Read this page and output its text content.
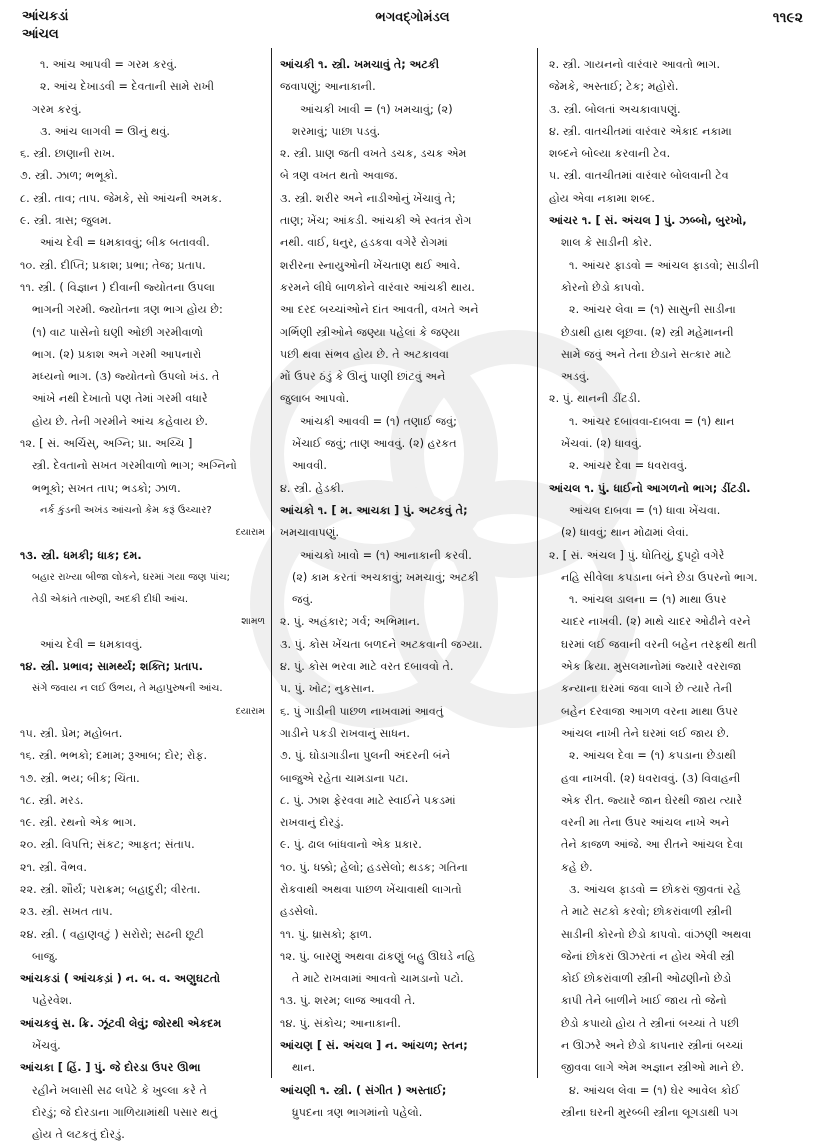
આંચકડાં
આંચલ
ભગવદ્ગોમંડલ	૧૧૯૨
૧. આંચ આપવી = ગરમ કરવું.
૨. આંચ દેખાડવી = દેવતાની સામે રાખી
ગરમ કરવું.
૩. આંચ લાગવી = ઊનું થવું.
૬. સ્ત્રી. છાણાની રાખ.
૭. સ્ત્રી. ઝાળ; ભભૂકો.
૮. સ્ત્રી. તાવ; તાપ. જેમકે, સો આંચની અમક.
૯. સ્ત્રી. ત્રાસ; જુલમ.
આંચ દેવી = ધમકાવવું; બીક બતાવવી.
૧૦. સ્ત્રી. દીપ્તિ; પ્રકાશ; પ્રભા; તેજ; પ્રતાપ.
૧૧. સ્ત્રી. ( વિજ્ઞાન ) દીવાની જ્યોતના ઉપલા
ભાગની ગરમી. જ્યોતના ત્રણ ભાગ હોય છે:
(૧) વાટ પાસેનો ઘણી ઓછી ગરમીવાળો
ભાગ. (૨) પ્રકાશ અને ગરમી આપનારો
મધ્યનો ભાગ. (૩) જ્યોતનો ઉપલો ખંડ. તે
આંખે નથી દેખાતો પણ તેમાં ગરમી વધારે
હોય છે. તેની ગરમીને આંચ કહેવાય છે.
૧૨. [ સં. અર્ચિસ્, અગ્નિ; પ્રા. અચ્ચિ ]
સ્ત્રી. દેવતાનો સખત ગરમીવાળો ભાગ; અગ્નિનો
ભભૂકો; સખત તાપ; ભડકો; ઝાળ.
નર્ક કુંડની અખંડ આંચનો કેમ કરૂં ઉચ્ચાર?
દયારામ
૧૩. સ્ત્રી. ધમકી; ધાક; દમ.
બહાર રાખ્યા બીજા લોકને, ઘરમાં ગયા જણ પાંચ;
તેડી એકાંતે તારુણી, અદકી દીધી આંચ.
શામળ
આંચ દેવી = ધમકાવવું.
૧૪. સ્ત્રી. પ્રભાવ; સામર્થ્ય; શક્તિ; પ્રતાપ.
સંગે જવાય ન લઈ ઉભય, તે મહાપુરુષની આંચ.
દયારામ
૧૫. સ્ત્રી. પ્રેમ; મહોબત.
૧૬. સ્ત્રી. ભભકો; દમામ; રૂઆબ; દોર; રોફ.
૧૭. સ્ત્રી. ભય; બીક; ચિંતા.
૧૮. સ્ત્રી. મરડ.
૧૯. સ્ત્રી. રથનો એક ભાગ.
૨૦. સ્ત્રી. વિપત્તિ; સંકટ; આફત; સંતાપ.
૨૧. સ્ત્રી. વૈભવ.
૨૨. સ્ત્રી. શૌર્ય; પરાક્રમ; બહાદુરી; વીરતા.
૨૩. સ્ત્રી. સખત તાપ.
૨૪. સ્ત્રી. ( વહાણવટું ) સરોરો; સઢની છૂટી
બાજુ.
આંચકડાં ( આંચકડ઼ાં ) ન. બ. વ. અણુઘટતો
પહેરવેશ.
આંચકવું સ. ક્રિ. ઝૂંટવી લેવું; જોરથી એકદમ
ખેંચવું.
આંચકા [ હિં. ] પું. જે દોરડા ઉપર ઊભા
રહીને ખલાસી સઢ લપેટે કે ખુલ્લા કરે તે
દોરડું; જે દોરડાના ગાળિયામાંથી પસાર થતું
હોય તે લટકતું દોરડું.
આંચકી ૧. સ્ત્રી. ખમચાવું તે; અટકી
જવાપણું; આનાકાની.
આંચકી ખાવી = (૧) ખમચાવું; (૨)
શરમાવું; પાછા પડવું.
૨. સ્ત્રી. પ્રાણ જતી વખતે ડચક, ડચક એમ
બે ત્રણ વખત થતો અવાજ.
૩. સ્ત્રી. શરીર અને નાડીઓનું ખેંચાવું તે;
તાણ; ખેંચ; આંકડી. આંચકી એ સ્વતંત્ર રોગ
નથી. વાઈ, ધનુર, હડકવા વગેરે રોગમાં
શરીરના સ્નાયુઓની ખેંચતાણ થઈ આવે.
કરમને લીધે બાળકોને વારંવાર આંચકી થાય.
આ દરદ બચ્ચાંઓને દાંત આવતી, વખતે અને
ગર્ભિણી સ્ત્રીઓને જણ્યા પહેલાં કે જણ્યા
પછી થવા સંભવ હોય છે. તે અટકાવવા
મોં ઉપર ઠંડું કે ઊનું પાણી છાંટવું અને
જુલાબ આપવો.
આંચકી આવવી = (૧) તણાઈ જવું;
ખેંચાઈ જવું; તાણ આવવું. (૨) હરકત
આવવી.
૪. સ્ત્રી. હેડકી.
આંચકો ૧. [ મ. આચકા ] પું. અટકવું તે;
ખમચાવાપણું.
આંચકો ખાવો = (૧) આનાકાની કરવી.
(૨) કામ કરતાં અચકાવું; ખમચાવું; અટકી
જવું.
૨. પું. અહંકાર; ગર્વ; અભિમાન.
૩. પું. કોસ ખેંચતા બળદને અટકવાની જગ્યા.
૪. પું. કોસ ભરવા માટે વરત દબાવવો તે.
૫. પું. ખોટ; નુકસાન.
૬. પું ગાડીની પાછળ નાખવામાં આવતું
ગાડીને પકડી રાખવાનું સાધન.
૭. પું. ઘોડાગાડીના પુલની અંદરની બંને
બાજુએ રહેતા ચામડાના પટા.
૮. પું. ઝાશ ફેરવવા માટે સ્વાઈને પકડમાં
રાખવાનું દોરડું.
૯. પું. ઢાલ બાંધવાનો એક પ્રકાર.
૧૦. પું. ધક્કો; હેલો; હડસેલો; થડક; ગતિના
રોકવાથી અથવા પાછળ ખેંચાવાથી લાગતો
હડસેલો.
૧૧. પું. ધ્રાસકો; ફાળ.
૧૨. પું. બારણું અથવા ઢાંકણું બહુ ઊઘડે નહિ
તે માટે રાખવામાં આવતો ચામડાનો પટો.
૧૩. પું. શરમ; લાજ આવવી તે.
૧૪. પું. સંકોચ; આનાકાની.
આંચણ [ સં. અંચલ ] ન. આંચળ; સ્તન;
થાન.
આંચણી ૧. સ્ત્રી. ( સંગીત ) અસ્તાઈ;
ધ્રુપદના ત્રણ ભાગમાંનો પહેલો.
૨. સ્ત્રી. ગાયનનો વારંવાર આવતો ભાગ.
જેમકે, અસ્તાઈ; ટેક; મહોરો.
૩. સ્ત્રી. બોલતાં અચકાવાપણું.
૪. સ્ત્રી. વાતચીતમાં વારંવાર એકાદ નકામા
શબ્દને બોલ્યા કરવાની ટેવ.
૫. સ્ત્રી. વાતચીતમાં વારંવાર બોલવાની ટેવ
હોય એવા નકામા શબ્દ.
આંચર ૧. [ સં. અંચલ ] પું. ઝબ્બો, બુરખો,
શાલ કે સાડીની કોર.
૧. આંચર ફાડવો = આંચલ ફાડવો; સાડીની
કોરનો છેડો કાપવો.
૨. આંચર લેવા = (૧) સાસુની સાડીના
છેડાથી હાથ લૂછવા. (૨) સ્ત્રી મહેમાનની
સામે જવું અને તેના છેડાને સત્કાર માટે
અડવું.
૨. પું. થાનની ડીંટડી.
૧. આંચર દબાવવા-દાબવા = (૧) થાન
ખેંચવાં. (૨) ધાવવું.
૨. આંચર દેવા = ધવરાવવું.
આંચલ ૧. પું. ધાઈનો આગળનો ભાગ; ડીંટડી.
આંચલ દાબવા = (૧) ધાવા ખેંચવા.
(૨) ધાવવું; થાન મોઢામાં લેવાં.
૨. [ સં. અંચલ ] પું. ધોતિયું, દુપટ્ટો વગેરે
નહિ સીવેલા કપડાના બંને છેડા ઉપરનો ભાગ.
૧. આંચલ ડાલના = (૧) માથા ઉપર
ચાદર નાખવી. (૨) માથે ચાદર ઓઢીને વરને
ઘરમાં લઈ જવાની વરની બહેન તરફથી થતી
એક ક્રિયા. મુસલમાનોમાં જ્યારે વરરાજા
કન્યાના ઘરમાં જવા લાગે છે ત્યારે તેની
બહેન દરવાજા આગળ વરના માથા ઉપર
આંચલ નાખી તેને ઘરમાં લઈ જાય છે.
૨. આંચલ દેવા = (૧) કપડાના છેડાથી
હવા નાખવી. (૨) ધવરાવવું. (૩) વિવાહની
એક રીત. જ્યારે જાન ઘેરથી જાય ત્યારે
વરની મા તેના ઉપર આંચલ નાખે અને
તેને કાજળ આંજે. આ રીતને આંચલ દેવા
કહે છે.
૩. આંચલ ફાડવો = છોકરાં જીવતાં રહે
તે માટે સટકો કરવો; છોકરાંવાળી સ્ત્રીની
સાડીની કોરનો છેડો કાપવો. વાંઝણી અથવા
જેનાં છોકરાં ઊઝરતાં ન હોય એવી સ્ત્રી
કોઈ છોકરાંવાળી સ્ત્રીની ઓઢણીનો છેડો
કાપી તેને બાળીને ખાઈ જાય તો જેનો
છેડો કપાયો હોય તે સ્ત્રીનાં બચ્ચાં તે પછી
ન ઊઝરે અને છેડો કાપનાર સ્ત્રીનાં બચ્ચાં
જીવવા લાગે એમ અજ્ઞાન સ્ત્રીઓ માને છે.
૪. આંચલ લેવા = (૧) ઘેર આવેલ કોઈ
સ્ત્રીના ઘરની મુરબ્બી સ્ત્રીના લૂગડાથી પગ
